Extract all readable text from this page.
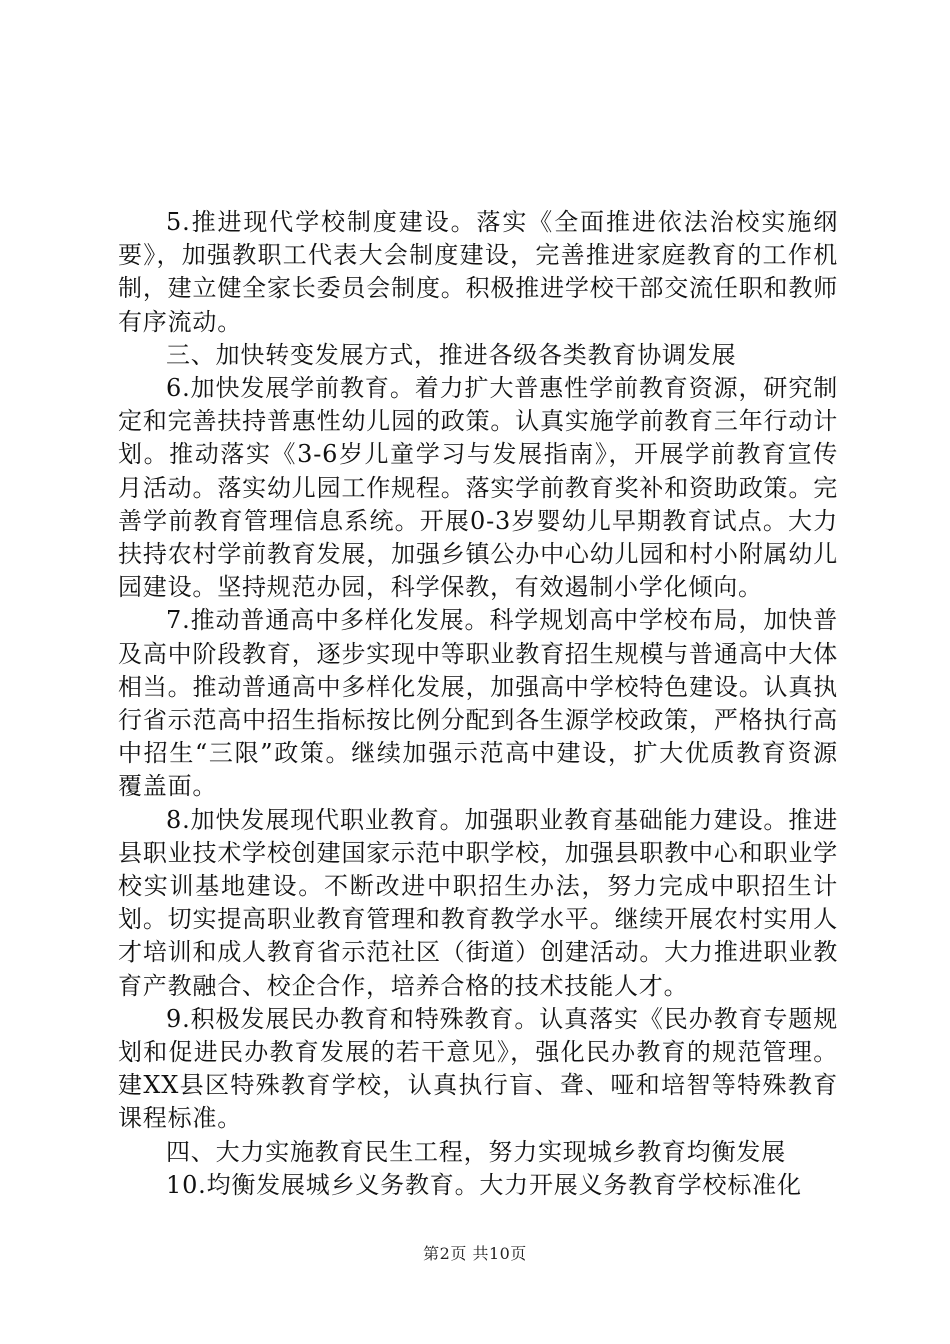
5.推进现代学校制度建设。落实《全面推进依法治校实施纲要》，加强教职工代表大会制度建设，完善推进家庭教育的工作机制，建立健全家长委员会制度。积极推进学校干部交流任职和教师有序流动。

三、加快转变发展方式，推进各级各类教育协调发展

6.加快发展学前教育。着力扩大普惠性学前教育资源，研究制定和完善扶持普惠性幼儿园的政策。认真实施学前教育三年行动计划。推动落实《3-6岁儿童学习与发展指南》，开展学前教育宣传月活动。落实幼儿园工作规程。落实学前教育奖补和资助政策。完善学前教育管理信息系统。开展0-3岁婴幼儿早期教育试点。大力扶持农村学前教育发展，加强乡镇公办中心幼儿园和村小附属幼儿园建设。坚持规范办园，科学保教，有效遏制小学化倾向。

7.推动普通高中多样化发展。科学规划高中学校布局，加快普及高中阶段教育，逐步实现中等职业教育招生规模与普通高中大体相当。推动普通高中多样化发展，加强高中学校特色建设。认真执行省示范高中招生指标按比例分配到各生源学校政策，严格执行高中招生“三限”政策。继续加强示范高中建设，扩大优质教育资源覆盖面。

8.加快发展现代职业教育。加强职业教育基础能力建设。推进县职业技术学校创建国家示范中职学校，加强县职教中心和职业学校实训基地建设。不断改进中职招生办法，努力完成中职招生计划。切实提高职业教育管理和教育教学水平。继续开展农村实用人才培训和成人教育省示范社区（街道）创建活动。大力推进职业教育产教融合、校企合作，培养合格的技术技能人才。

9.积极发展民办教育和特殊教育。认真落实《民办教育专题规划和促进民办教育发展的若干意见》，强化民办教育的规范管理。建XX县区特殊教育学校，认真执行盲、聋、哑和培智等特殊教育课程标准。

四、大力实施教育民生工程，努力实现城乡教育均衡发展

10.均衡发展城乡义务教育。大力开展义务教育学校标准化

第2页 共10页
